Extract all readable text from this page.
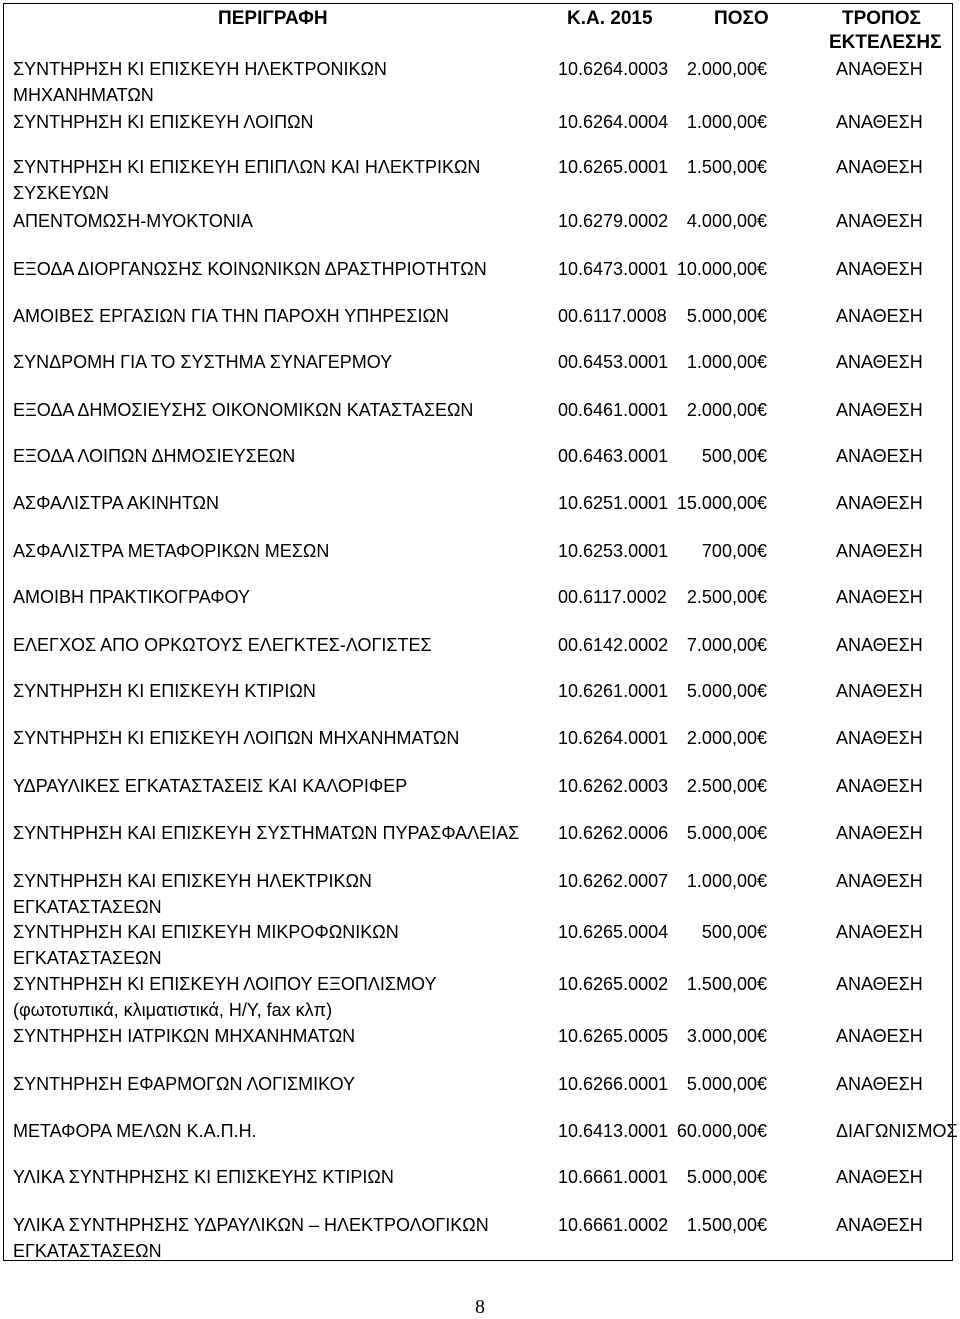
ΠΕΡΙΓΡΑΦΗ	Κ.Α. 2015	ΠΟΣΟ	ΤΡΟΠΟΣ
ΕΚΤΕΛΕΣΗΣ
ΣΥΝΤΗΡΗΣΗ ΚΙ ΕΠΙΣΚΕΥΗ ΗΛΕΚΤΡΟΝΙΚΩΝ
ΜΗΧΑΝΗΜΑΤΩΝ
10.6264.0003 2.000,00€	ΑΝΑΘΕΣΗ
ΣΥΝΤΗΡΗΣΗ ΚΙ ΕΠΙΣΚΕΥΗ ΛΟΙΠΩΝ	10.6264.0004 1.000,00€	ΑΝΑΘΕΣΗ
ΣΥΝΤΗΡΗΣΗ ΚΙ ΕΠΙΣΚΕΥΗ ΕΠΙΠΛΩΝ ΚΑΙ ΗΛΕΚΤΡΙΚΩΝ
ΣΥΣΚΕΥΩΝ
10.6265.0001 1.500,00€	ΑΝΑΘΕΣΗ
ΑΠΕΝΤΟΜΩΣΗ-ΜΥΟΚΤΟΝΙΑ	10.6279.0002 4.000,00€	ΑΝΑΘΕΣΗ
ΕΞΟΔΑ ΔΙΟΡΓΑΝΩΣΗΣ ΚΟΙΝΩΝΙΚΩΝ ΔΡΑΣΤΗΡΙΟΤΗΤΩΝ	10.6473.0001 10.000,00€	ΑΝΑΘΕΣΗ
ΑΜΟΙΒΕΣ ΕΡΓΑΣΙΩΝ ΓΙΑ ΤΗΝ ΠΑΡΟΧΗ ΥΠΗΡΕΣΙΩΝ	00.6117.0008 5.000,00€	ΑΝΑΘΕΣΗ
ΣΥΝΔΡΟΜΗ ΓΙΑ ΤΟ ΣΥΣΤΗΜΑ ΣΥΝΑΓΕΡΜΟΥ	00.6453.0001 1.000,00€	ΑΝΑΘΕΣΗ
ΕΞΟΔΑ ΔΗΜΟΣΙΕΥΣΗΣ ΟΙΚΟΝΟΜΙΚΩΝ ΚΑΤΑΣΤΑΣΕΩΝ	00.6461.0001 2.000,00€	ΑΝΑΘΕΣΗ
ΕΞΟΔΑ ΛΟΙΠΩΝ ΔΗΜΟΣΙΕΥΣΕΩΝ	00.6463.0001 500,00€	ΑΝΑΘΕΣΗ
ΑΣΦΑΛΙΣΤΡΑ ΑΚΙΝΗΤΩΝ	10.6251.0001 15.000,00€	ΑΝΑΘΕΣΗ
ΑΣΦΑΛΙΣΤΡΑ ΜΕΤΑΦΟΡΙΚΩΝ ΜΕΣΩΝ	10.6253.0001 700,00€	ΑΝΑΘΕΣΗ
ΑΜΟΙΒΗ ΠΡΑΚΤΙΚΟΓΡΑΦΟΥ	00.6117.0002 2.500,00€	ΑΝΑΘΕΣΗ
ΕΛΕΓΧΟΣ ΑΠΟ ΟΡΚΩΤΟΥΣ ΕΛΕΓΚΤΕΣ-ΛΟΓΙΣΤΕΣ	00.6142.0002 7.000,00€	ΑΝΑΘΕΣΗ
ΣΥΝΤΗΡΗΣΗ ΚΙ ΕΠΙΣΚΕΥΗ ΚΤΙΡΙΩΝ	10.6261.0001 5.000,00€	ΑΝΑΘΕΣΗ
ΣΥΝΤΗΡΗΣΗ ΚΙ ΕΠΙΣΚΕΥΗ ΛΟΙΠΩΝ ΜΗΧΑΝΗΜΑΤΩΝ	10.6264.0001 2.000,00€	ΑΝΑΘΕΣΗ
ΥΔΡΑΥΛΙΚΕΣ ΕΓΚΑΤΑΣΤΑΣΕΙΣ ΚΑΙ ΚΑΛΟΡΙΦΕΡ	10.6262.0003 2.500,00€	ΑΝΑΘΕΣΗ
ΣΥΝΤΗΡΗΣΗ ΚΑΙ ΕΠΙΣΚΕΥΗ ΣΥΣΤΗΜΑΤΩΝ ΠΥΡΑΣΦΑΛΕΙΑΣ 10.6262.0006 5.000,00€	ΑΝΑΘΕΣΗ
ΣΥΝΤΗΡΗΣΗ ΚΑΙ ΕΠΙΣΚΕΥΗ ΗΛΕΚΤΡΙΚΩΝ
ΕΓΚΑΤΑΣΤΑΣΕΩΝ
10.6262.0007 1.000,00€	ΑΝΑΘΕΣΗ
ΣΥΝΤΗΡΗΣΗ ΚΑΙ ΕΠΙΣΚΕΥΗ ΜΙΚΡΟΦΩΝΙΚΩΝ
ΕΓΚΑΤΑΣΤΑΣΕΩΝ
10.6265.0004 500,00€	ΑΝΑΘΕΣΗ
ΣΥΝΤΗΡΗΣΗ ΚΙ ΕΠΙΣΚΕΥΗ ΛΟΙΠΟΥ ΕΞΟΠΛΙΣΜΟΥ
(φωτοτυπικά, κλιματιστικά, Η/Υ, fax κλπ)
10.6265.0002 1.500,00€	ΑΝΑΘΕΣΗ
ΣΥΝΤΗΡΗΣΗ ΙΑΤΡΙΚΩΝ ΜΗΧΑΝΗΜΑΤΩΝ	10.6265.0005 3.000,00€	ΑΝΑΘΕΣΗ
ΣΥΝΤΗΡΗΣΗ ΕΦΑΡΜΟΓΩΝ ΛΟΓΙΣΜΙΚΟΥ	10.6266.0001 5.000,00€	ΑΝΑΘΕΣΗ
ΜΕΤΑΦΟΡΑ ΜΕΛΩΝ Κ.Α.Π.Η.	10.6413.0001 60.000,00€	ΔΙΑΓΩΝΙΣΜΟΣ
ΥΛΙΚΑ ΣΥΝΤΗΡΗΣΗΣ ΚΙ ΕΠΙΣΚΕΥΗΣ ΚΤΙΡΙΩΝ	10.6661.0001 5.000,00€	ΑΝΑΘΕΣΗ
ΥΛΙΚΑ ΣΥΝΤΗΡΗΣΗΣ ΥΔΡΑΥΛΙΚΩΝ – ΗΛΕΚΤΡΟΛΟΓΙΚΩΝ
ΕΓΚΑΤΑΣΤΑΣΕΩΝ
10.6661.0002 1.500,00€	ΑΝΑΘΕΣΗ
8
